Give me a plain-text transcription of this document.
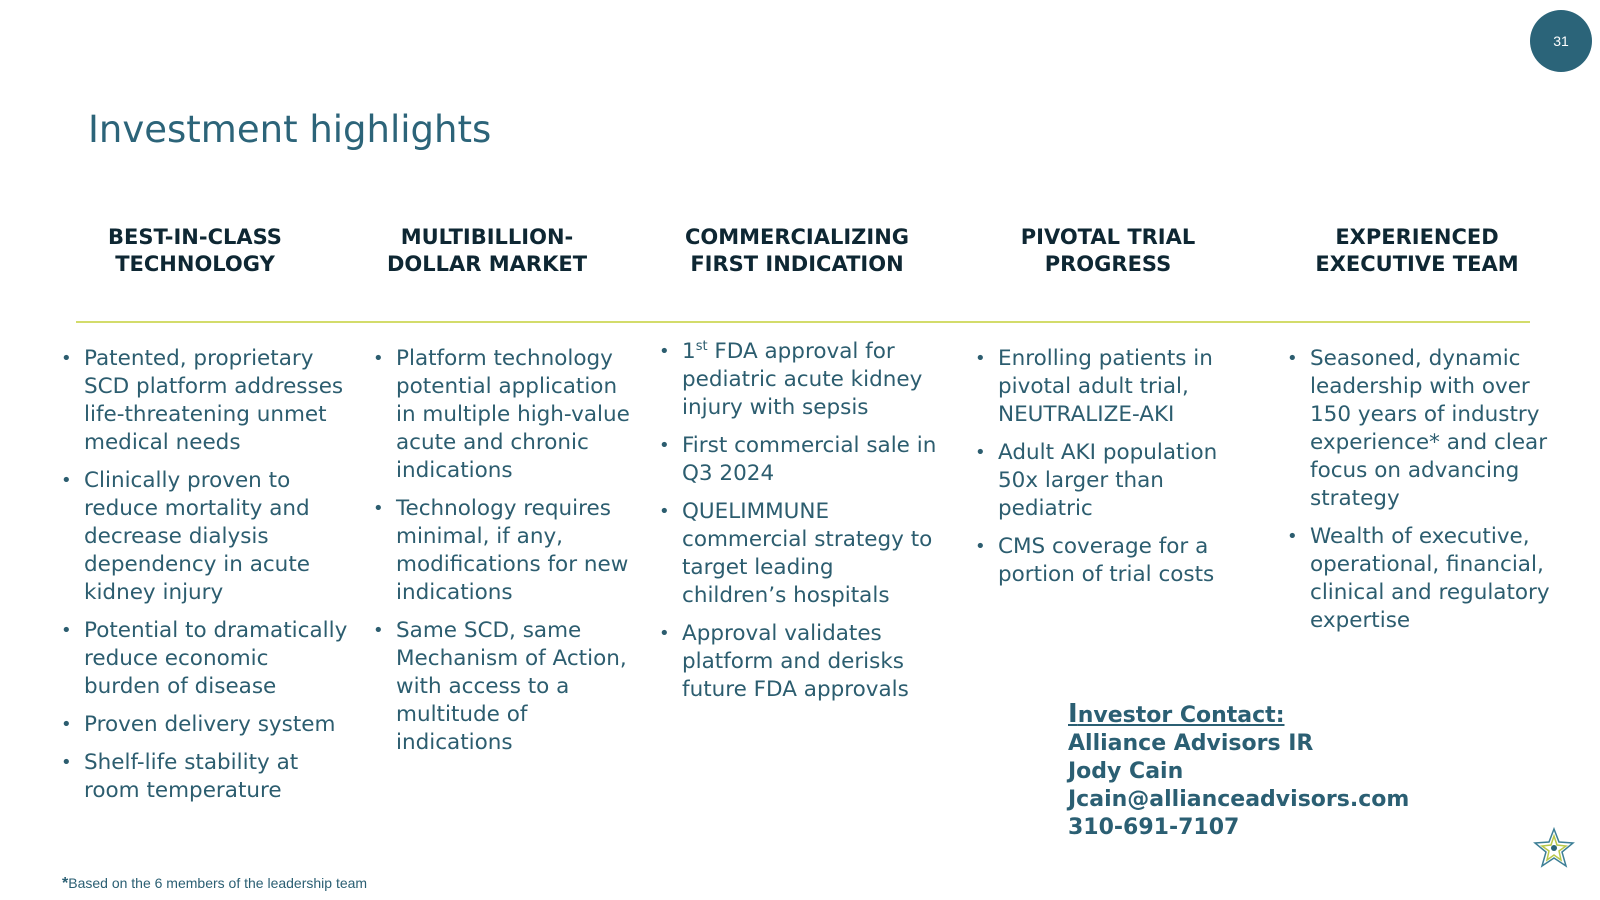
31
Investment highlights
BEST-IN-CLASS
TECHNOLOGY
MULTIBILLION-
DOLLAR MARKET
COMMERCIALIZING
FIRST INDICATION
PIVOTAL TRIAL
PROGRESS
EXPERIENCED
EXECUTIVE TEAM
• Patented, proprietary SCD platform addresses life-threatening unmet medical needs
• Clinically proven to reduce mortality and decrease dialysis dependency in acute kidney injury
• Potential to dramatically reduce economic burden of disease
• Proven delivery system
• Shelf-life stability at room temperature
• Platform technology potential application in multiple high-value acute and chronic indications
• Technology requires minimal, if any, modifications for new indications
• Same SCD, same Mechanism of Action, with access to a multitude of indications
• 1st FDA approval for pediatric acute kidney injury with sepsis
• First commercial sale in Q3 2024
• QUELIMMUNE commercial strategy to target leading children’s hospitals
• Approval validates platform and derisks future FDA approvals
• Enrolling patients in pivotal adult trial, NEUTRALIZE-AKI
• Adult AKI population 50x larger than pediatric
• CMS coverage for a portion of trial costs
• Seasoned, dynamic leadership with over 150 years of industry experience* and clear focus on advancing strategy
• Wealth of executive, operational, financial, clinical and regulatory expertise
Investor Contact:
Alliance Advisors IR
Jody Cain
Jcain@allianceadvisors.com
310-691-7107
*Based on the 6 members of the leadership team
